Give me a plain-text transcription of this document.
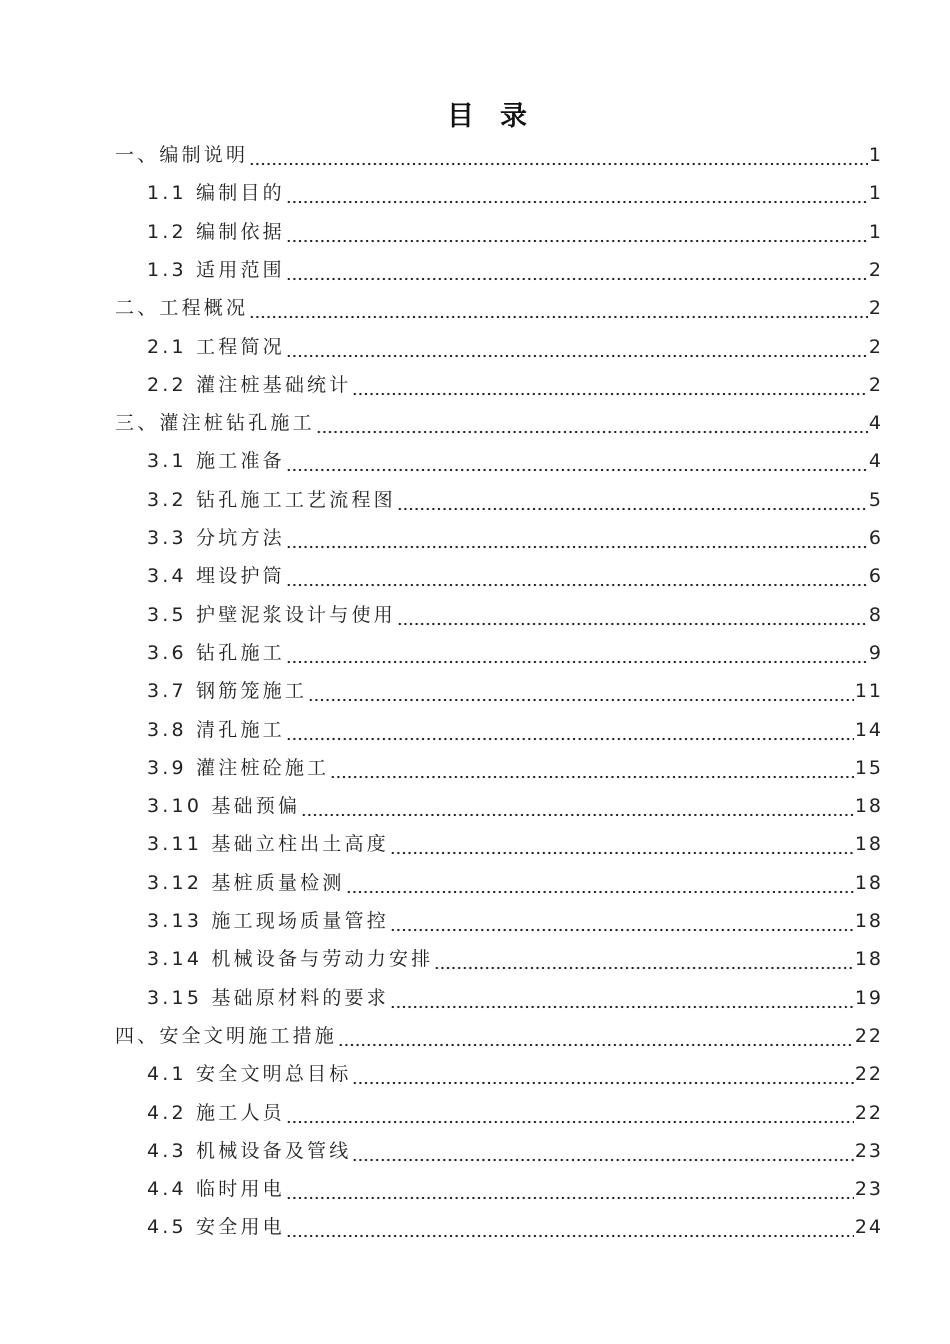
目录
一、编制说明	1
1.1 编制目的	1
1.2 编制依据	1
1.3 适用范围	2
二、工程概况	2
2.1 工程简况	2
2.2 灌注桩基础统计	2
三、灌注桩钻孔施工	4
3.1 施工准备	4
3.2 钻孔施工工艺流程图	5
3.3 分坑方法	6
3.4 埋设护筒	6
3.5 护壁泥浆设计与使用	8
3.6 钻孔施工	9
3.7 钢筋笼施工	11
3.8 清孔施工	14
3.9 灌注桩砼施工	15
3.10 基础预偏	18
3.11 基础立柱出土高度	18
3.12 基桩质量检测	18
3.13 施工现场质量管控	18
3.14 机械设备与劳动力安排	18
3.15 基础原材料的要求	19
四、安全文明施工措施	22
4.1 安全文明总目标	22
4.2 施工人员	22
4.3 机械设备及管线	23
4.4 临时用电	23
4.5 安全用电	24
